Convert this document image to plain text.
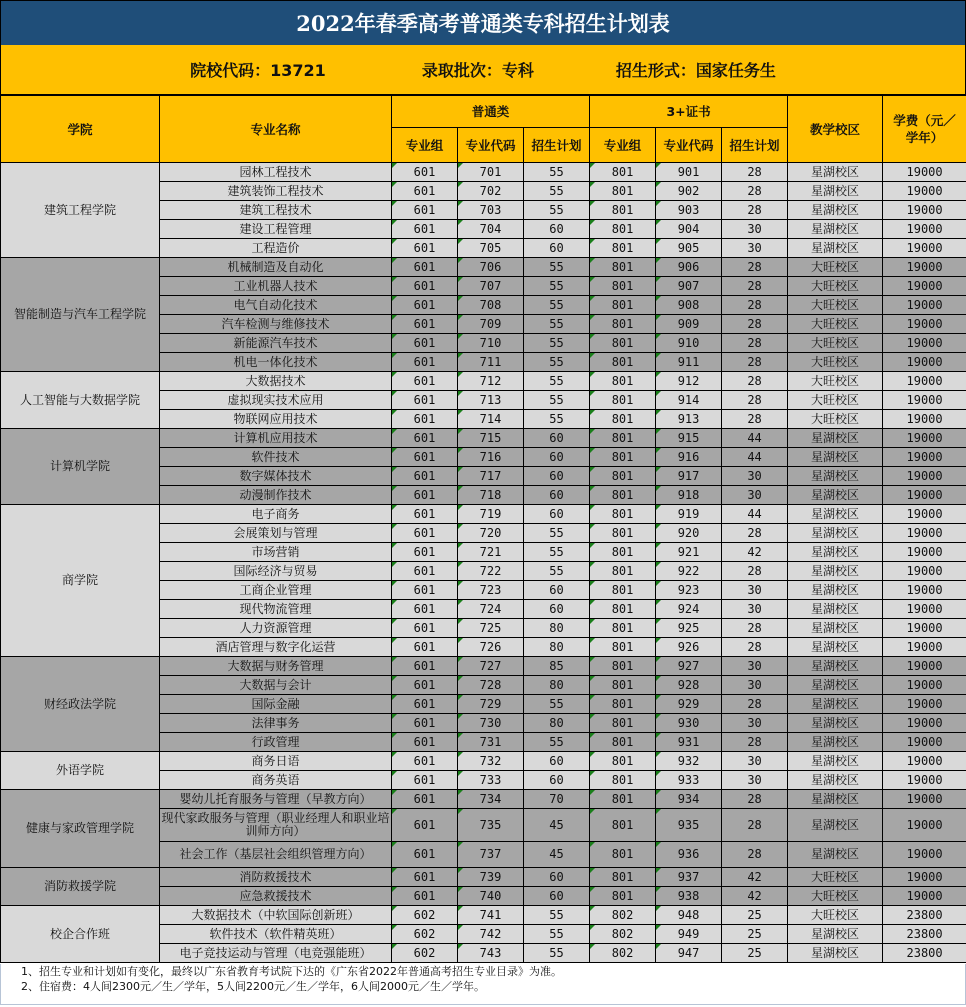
2022年春季高考普通类专科招生计划表
院校代码：13721	录取批次：专科	招生形式：国家任务生
学院	专业名称	普通类			3+证书			教学校区	学费（元／学年）
		专业组	专业代码	招生计划	专业组	专业代码	招生计划		
建筑工程学院	园林工程技术	601	701	55	801	901	28	星湖校区	19000
	建筑装饰工程技术	601	702	55	801	902	28	星湖校区	19000
	建筑工程技术	601	703	55	801	903	28	星湖校区	19000
	建设工程管理	601	704	60	801	904	30	星湖校区	19000
	工程造价	601	705	60	801	905	30	星湖校区	19000
智能制造与汽车工程学院	机械制造及自动化	601	706	55	801	906	28	大旺校区	19000
	工业机器人技术	601	707	55	801	907	28	大旺校区	19000
	电气自动化技术	601	708	55	801	908	28	大旺校区	19000
	汽车检测与维修技术	601	709	55	801	909	28	大旺校区	19000
	新能源汽车技术	601	710	55	801	910	28	大旺校区	19000
	机电一体化技术	601	711	55	801	911	28	大旺校区	19000
人工智能与大数据学院	大数据技术	601	712	55	801	912	28	大旺校区	19000
	虚拟现实技术应用	601	713	55	801	914	28	大旺校区	19000
	物联网应用技术	601	714	55	801	913	28	大旺校区	19000
计算机学院	计算机应用技术	601	715	60	801	915	44	星湖校区	19000
	软件技术	601	716	60	801	916	44	星湖校区	19000
	数字媒体技术	601	717	60	801	917	30	星湖校区	19000
	动漫制作技术	601	718	60	801	918	30	星湖校区	19000
商学院	电子商务	601	719	60	801	919	44	星湖校区	19000
	会展策划与管理	601	720	55	801	920	28	星湖校区	19000
	市场营销	601	721	55	801	921	42	星湖校区	19000
	国际经济与贸易	601	722	55	801	922	28	星湖校区	19000
	工商企业管理	601	723	60	801	923	30	星湖校区	19000
	现代物流管理	601	724	60	801	924	30	星湖校区	19000
	人力资源管理	601	725	80	801	925	28	星湖校区	19000
	酒店管理与数字化运营	601	726	80	801	926	28	星湖校区	19000
财经政法学院	大数据与财务管理	601	727	85	801	927	30	星湖校区	19000
	大数据与会计	601	728	80	801	928	30	星湖校区	19000
	国际金融	601	729	55	801	929	28	星湖校区	19000
	法律事务	601	730	80	801	930	30	星湖校区	19000
	行政管理	601	731	55	801	931	28	星湖校区	19000
外语学院	商务日语	601	732	60	801	932	30	星湖校区	19000
	商务英语	601	733	60	801	933	30	星湖校区	19000
健康与家政管理学院	婴幼儿托育服务与管理（早教方向）	601	734	70	801	934	28	星湖校区	19000
	现代家政服务与管理（职业经理人和职业培训师方向）	601	735	45	801	935	28	星湖校区	19000
	社会工作（基层社会组织管理方向）	601	737	45	801	936	28	星湖校区	19000
消防救援学院	消防救援技术	601	739	60	801	937	42	大旺校区	19000
	应急救援技术	601	740	60	801	938	42	大旺校区	19000
校企合作班	大数据技术（中软国际创新班）	602	741	55	802	948	25	大旺校区	23800
	软件技术（软件精英班）	602	742	55	802	949	25	星湖校区	23800
	电子竞技运动与管理（电竞强能班）	602	743	55	802	947	25	星湖校区	23800
1、招生专业和计划如有变化，最终以广东省教育考试院下达的《广东省2022年普通高考招生专业目录》为准。
2、住宿费：4人间2300元／生／学年，5人间2200元／生／学年，6人间2000元／生／学年。
